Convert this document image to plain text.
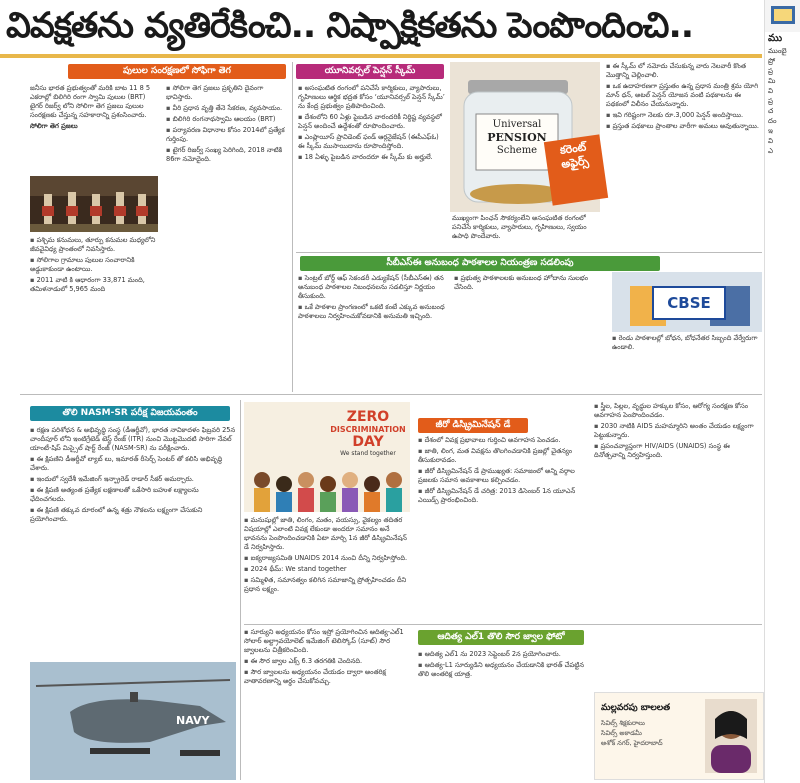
వివక్షతను వ్యతిరేకించి.. నిష్పాక్షికతను పెంపొందించి..
పులుల సంరక్షణలో సోఫిగా తెగ

జనీసు భారత ప్రభుత్వంతో మరికి బాట 11 8 5 ఎకరాల్లో బిలిగిరి రంగా స్వామి పులుల (BRT) టైగర్ రిజర్వ్ లోని సోలిగా తెగ ప్రజలు పులుల సంరక్షణకు చేస్తున్న సహకారాన్ని ప్రశంసించారు.

సోలిగా తెగ ప్రజలు

▪ పశ్చిమ కనుమలు, తూర్పు కనుమల మధ్యలోని జీవవైవిధ్య ప్రాంతంలో నివసిస్తారు.

▪ సోలిగాల గ్రామాలు పులుల సంచారానికి అడ్డుకాకుండా ఉంటాయి.

▪ 2011 వాటి కి ఆధారంగా 33,871 మంది, తమిళనాడులో 5,965 మంది

▪ సోలిగా తెగ ప్రజలు ప్రకృతిని దైవంగా భావిస్తారు.

▪ వీరి ప్రధాన వృత్తి తేనె సేకరణ, వ్యవసాయం.

▪ బిలిగిరి రంగనాథస్వామి ఆలయం (BRT)

▪ పర్యావరణ విధానాల కోసం 2014లో ప్రత్యేక గుర్తింపు.

▪ టైగర్ రిజర్వ్ సంఖ్య పెరిగింది, 2018 నాటికి 86గా నమోదైంది.

యూనివర్సల్ పెన్షన్ స్కీమ్

▪ అసంఘటిత రంగంలో పనిచేసే కార్మికులు, వ్యాపారులు, గృహిణులు ఆర్థిక భద్రత కోసం ‘యూనివర్సల్ పెన్షన్ స్కీమ్’ ను కేంద్ర ప్రభుత్వం ప్రతిపాదించింది.

▪ దేశంలోని 60 ఏళ్లు పైబడిన వారందరికీ నిర్దిష్ట వ్యవస్థలో పెన్షన్ అందించే ఉద్దేశంతో రూపొందించారు.

▪ ఎంప్లాయీస్ ప్రావిడెంట్ ఫండ్ ఆర్గనైజేషన్ (ఈపీఎఫ్ఓ) ఈ స్కీమ్ ముసాయిదాను రూపొందిస్తోంది.

▪ 18 ఏళ్ళు పైబడిన వారందరూ ఈ స్కీమ్ కు అర్హులే.

Universal
PENSION
Scheme	కరెంట్ అఫైర్స్
ముఖ్యంగా పింఛన్ సౌకర్యంలేని అసంఘటిత రంగంలో పనిచేసే కార్మికులు, వ్యాపారులు, గృహిణులు, స్వయం ఉపాధి పొందేవారు.

▪ ఈ స్కీమ్ లో నమోదు చేసుకున్న వారు నెలవారీ కొంత మొత్తాన్ని చెల్లించాలి.

▪ ఒక ఉదాహరణగా ప్రస్తుతం ఉన్న ప్రధాన మంత్రి శ్రమ యోగి మాన్ ధన్, అటల్ పెన్షన్ యోజన వంటి పథకాలను ఈ పథకంలో విలీనం చేయనున్నారు.

▪ ఇవి గరిష్టంగా నెలకు రూ.3,000 పెన్షన్ అందిస్తాయి.

▪ ప్రస్తుత పథకాలు ప్రాంతాల వారీగా అమలు అవుతున్నాయి.

సీబీఎస్ఈ అనుబంధ పాఠశాలల నియంత్రణ సడలింపు

▪ సెంట్రల్ బోర్డ్ ఆఫ్ సెకండరీ ఎడ్యుకేషన్ (సీబీఎస్ఈ) తన అనుబంధ పాఠశాలల నిబంధనలను సడలిస్తూ నిర్ణయం తీసుకుంది.

▪ ఒకే పాఠశాల ప్రాంగణంలో ఒకటి కంటే ఎక్కువ అనుబంధ పాఠశాలలు నిర్వహించుకోవడానికి అనుమతి ఇచ్చింది.

▪ ప్రభుత్వ పాఠశాలలకు అనుబంధ హోదాను సులభం చేసింది.

CBSE

▪ రెండు పాఠశాలల్లో బోధన, బోధనేతర సిబ్బంది వేర్వేరుగా ఉండాలి.

తొలి NASM-SR పరీక్ష విజయవంతం

▪ రక్షణ పరిశోధన & అభివృద్ధి సంస్థ (డీఆర్డీవో), భారత నావికాదళం ఫిబ్రవరి 25న చాందీపూర్ లోని ఇంటిగ్రేటెడ్ టెస్ట్ రేంజ్ (ITR) నుంచి మొట్టమొదటి సారిగా నేవల్ యాంటీ-షిప్ మిస్సైల్ షార్ట్ రేంజ్ (NASM-SR) ను పరీక్షించారు.

▪ ఈ క్షిపణిని డీఆర్డీవో ల్యాబ్ లు, ఇమారత్ రీసెర్చ్ సెంటర్ తో కలిసి అభివృద్ధి చేశారు.

▪ ఇందులో స్వదేశీ ఇమేజింగ్ ఇన్ఫ్రారెడ్ రాడార్ సీకర్ అమర్చారు.

▪ ఈ క్షిపణి అత్యంత ప్రత్యేక లక్షణాలతో ఒకేసారి బహుళ లక్ష్యాలను ఛేదించగలదు.

▪ ఈ క్షిపణి తక్కువ దూరంలో ఉన్న శత్రు నౌకలను లక్ష్యంగా చేసుకుని ప్రయోగించారు.

NAVY
ZERO
DISCRIMINATION
DAY
We stand together

▪ మనుషుల్లో జాతి, లింగం, మతం, వయస్సు, వైకల్యం తదితర విషయాల్లో ఎలాంటి వివక్ష లేకుండా అందరూ సమానం అనే భావనను పెంపొందించడానికి ఏటా మార్చి 1న జీరో డిస్క్రిమినేషన్ డే నిర్వహిస్తారు.

▪ ఐక్యరాజ్యసమితి UNAIDS 2014 నుంచి దీన్ని నిర్వహిస్తోంది.

▪ 2024 థీమ్: We stand together

▪ సమ్మిళిత, సమానత్వం కలిగిన సమాజాన్ని ప్రోత్సహించడం దీని ప్రధాన లక్ష్యం.

జీరో డిస్క్రిమినేషన్ డే

▪ దేశంలో వివక్ష ప్రభావాలు గుర్తించి అవగాహన పెంచడం.

▪ జాతి, లింగ, మత వివక్షను తొలగించడానికి ప్రజల్లో చైతన్యం తీసుకురావడం.

▪ జీరో డిస్క్రిమినేషన్ డే ప్రాముఖ్యత: సమాజంలో అన్ని వర్గాల ప్రజలకు సమాన అవకాశాలు కల్పించడం.

▪ జీరో డిస్క్రిమినేషన్ డే చరిత్ర: 2013 డిసెంబర్ 1న యూఎన్ ఎయిడ్స్ ప్రారంభించింది.

▪ స్త్రీల, పిల్లల, వృద్ధుల హక్కుల కోసం, ఆరోగ్య సంరక్షణ కోసం అవగాహన పెంపొందించడం.

▪ 2030 నాటికి AIDS మహమ్మారిని అంతం చేయడం లక్ష్యంగా పెట్టుకున్నారు.

▪ ప్రపంచవ్యాప్తంగా HIV/AIDS (UNAIDS) సంస్థ ఈ దినోత్సవాన్ని నిర్వహిస్తుంది.

ఆదిత్య ఎల్1 తొలి సౌర జ్వాల ఫోటో

▪ సూర్యుని అధ్యయనం కోసం ఇస్రో ప్రయోగించిన ఆదిత్య-ఎల్1 సోలార్ అల్ట్రావయోలెట్ ఇమేజింగ్ టెలిస్కోప్ (సూట్) సౌర జ్వాలలను చిత్రీకరించింది.

▪ ఈ సౌర జ్వాల ఎక్స్ 6.3 తరగతికి చెందినది.

▪ సౌర జ్వాలలను అధ్యయనం చేయడం ద్వారా అంతరిక్ష వాతావరణాన్ని అర్థం చేసుకోవచ్చు.

▪ ఆదిత్య ఎల్1 ను 2023 సెప్టెంబర్ 2న ప్రయోగించారు.

▪ ఆదిత్య-L1 సూర్యుడిని అధ్యయనం చేయడానికి భారత్ చేపట్టిన తొలి అంతరిక్ష యాత్ర.

మల్లవరపు బాలలత
సివిల్స్ శిక్షకురాలు
సివిల్స్ అకాడమీ
అశోక్ నగర్, హైదరాబాద్
ము
ముంబై
ప్రో
ప్ర
మి
వి
ప్ర
చ
దం
ఇ
వి
ఎ
